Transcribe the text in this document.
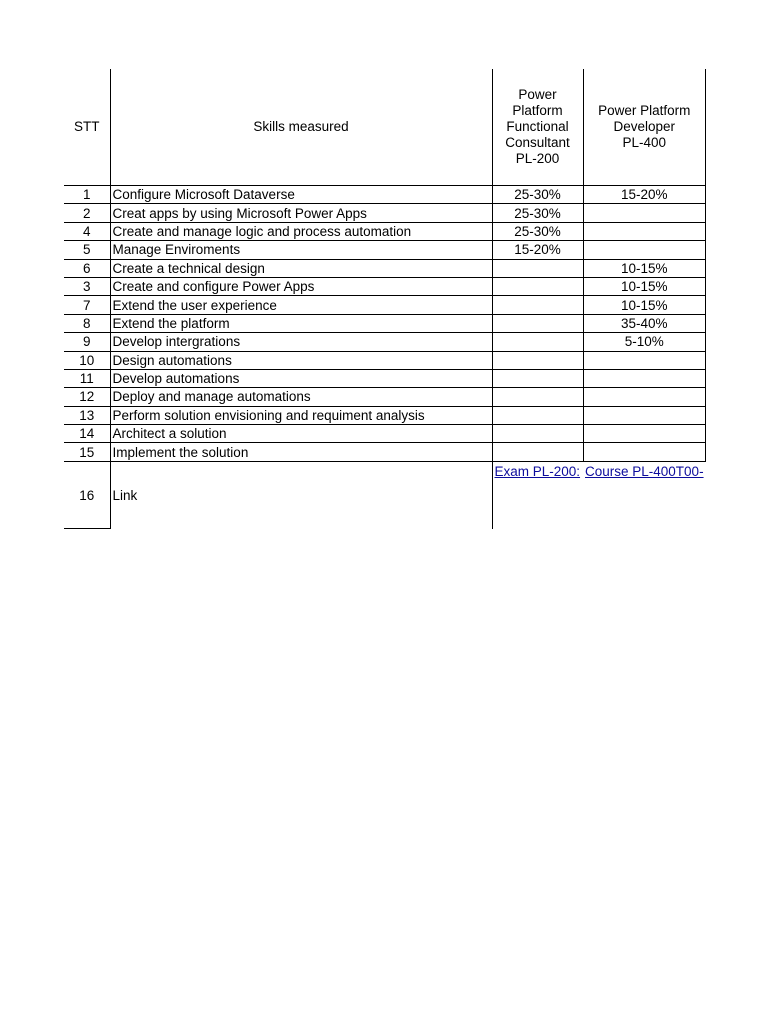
STT	Skills measured	Power
Platform
Functional
Consultant
PL-200	Power Platform
Developer
PL-400
1	Configure Microsoft Dataverse	25-30%	15-20%
2	Creat apps by using Microsoft Power Apps	25-30%	
4	Create and manage logic and process automation	25-30%	
5	Manage Enviroments	15-20%	
6	Create a technical design		10-15%
3	Create and configure Power Apps		10-15%
7	Extend the user experience		10-15%
8	Extend the platform		35-40%
9	Develop intergrations		5-10%
10	Design automations		
11	Develop automations		
12	Deploy and manage automations		
13	Perform solution envisioning and requiment analysis		
14	Architect a solution		
15	Implement the solution		
16	Link	Exam PL-200:	Course PL-400T00-
